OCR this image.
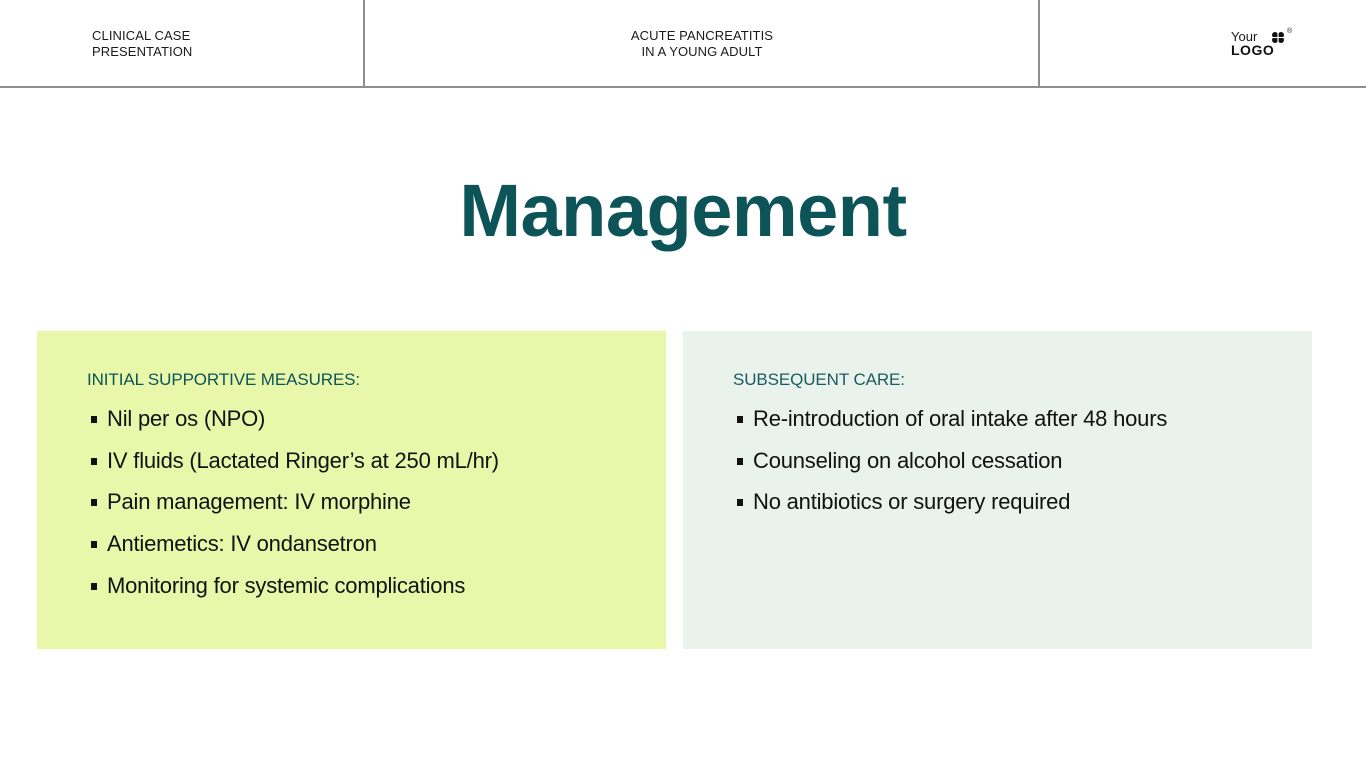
CLINICAL CASE
PRESENTATION
ACUTE PANCREATITIS
IN A YOUNG ADULT
Your	®
LOGO
Management
INITIAL SUPPORTIVE MEASURES:
Nil per os (NPO)
IV fluids (Lactated Ringer’s at 250 mL/hr)
Pain management: IV morphine
Antiemetics: IV ondansetron
Monitoring for systemic complications
SUBSEQUENT CARE:
Re-introduction of oral intake after 48 hours
Counseling on alcohol cessation
No antibiotics or surgery required
